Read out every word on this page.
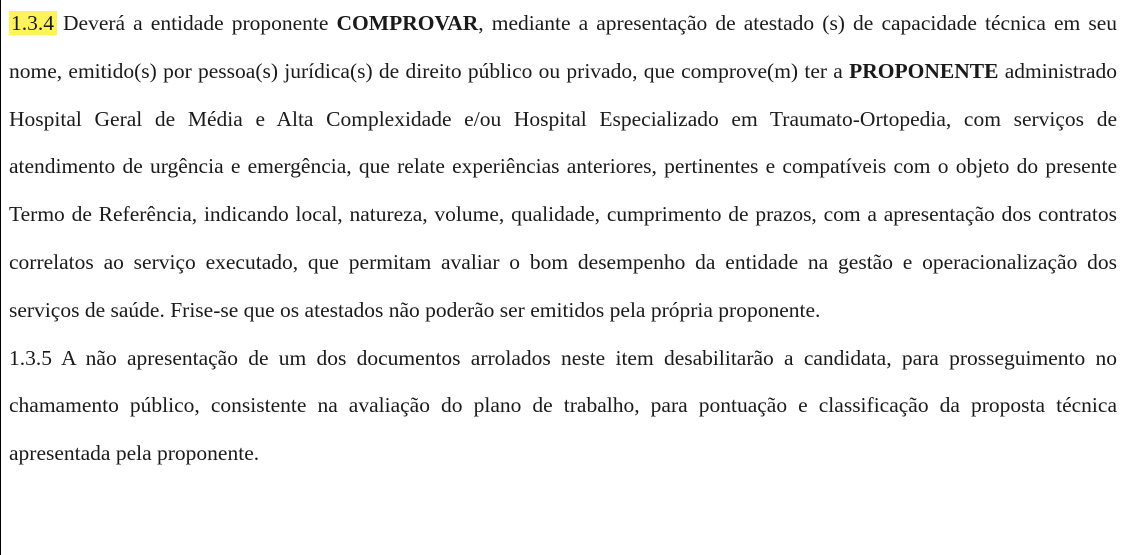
1.3.4 Deverá a entidade proponente COMPROVAR, mediante a apresentação de atestado (s) de capacidade técnica em seu nome, emitido(s) por pessoa(s) jurídica(s) de direito público ou privado, que comprove(m) ter a PROPONENTE administrado Hospital Geral de Média e Alta Complexidade e/ou Hospital Especializado em Traumato-Ortopedia, com serviços de atendimento de urgência e emergência, que relate experiências anteriores, pertinentes e compatíveis com o objeto do presente Termo de Referência, indicando local, natureza, volume, qualidade, cumprimento de prazos, com a apresentação dos contratos correlatos ao serviço executado, que permitam avaliar o bom desempenho da entidade na gestão e operacionalização dos serviços de saúde. Frise-se que os atestados não poderão ser emitidos pela própria proponente.

1.3.5 A não apresentação de um dos documentos arrolados neste item desabilitarão a candidata, para prosseguimento no chamamento público, consistente na avaliação do plano de trabalho, para pontuação e classificação da proposta técnica apresentada pela proponente.
